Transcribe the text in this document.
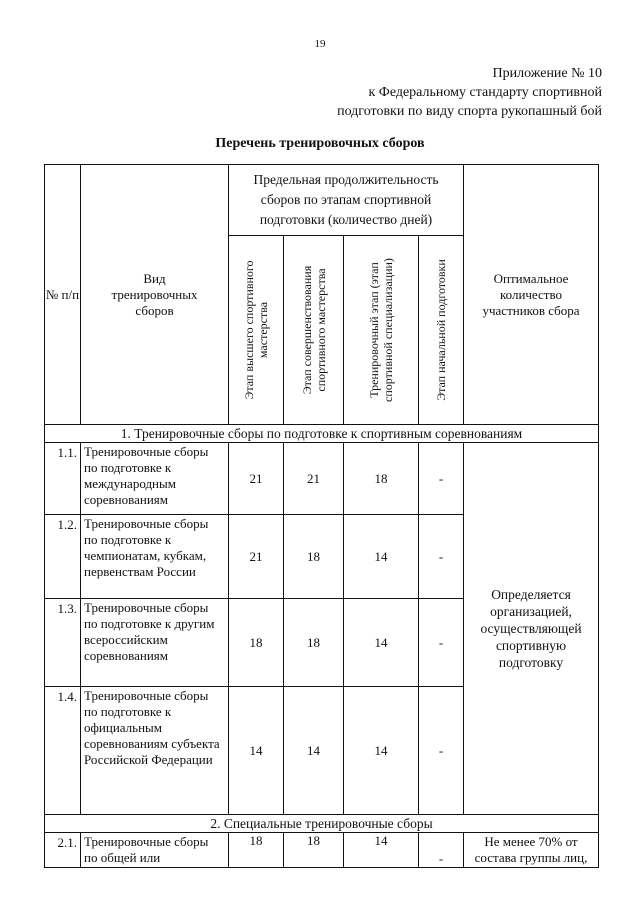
19
Приложение № 10
к Федеральному стандарту спортивной
подготовки по виду спорта рукопашный бой
Перечень тренировочных сборов
№ п/п	Вид тренировочных сборов	Предельная продолжительность сборов по этапам спортивной подготовки (количество дней)				Оптимальное количество участников сбора

		Этап высшего спортивного мастерства	Этап совершенствования спортивного мастерства	Тренировочный этап (этап спортивной специализации)	Этап начальной подготовки	

1. Тренировочные сборы по подготовке к спортивным соревнованиям						
1.1.	Тренировочные сборы по подготовке к международным соревнованиям	21	21	18	-	Определяется организацией, осуществляющей спортивную подготовку
1.2.	Тренировочные сборы по подготовке к чемпионатам, кубкам, первенствам России	21	18	14	-	
1.3.	Тренировочные сборы по подготовке к другим всероссийским соревнованиям	18	18	14	-	
1.4.	Тренировочные сборы по подготовке к официальным соревнованиям субъекта Российской Федерации	14	14	14	-	
2. Специальные тренировочные сборы						
2.1.	Тренировочные сборы по общей или	18	18	14	-	Не менее 70% от состава группы лиц,
